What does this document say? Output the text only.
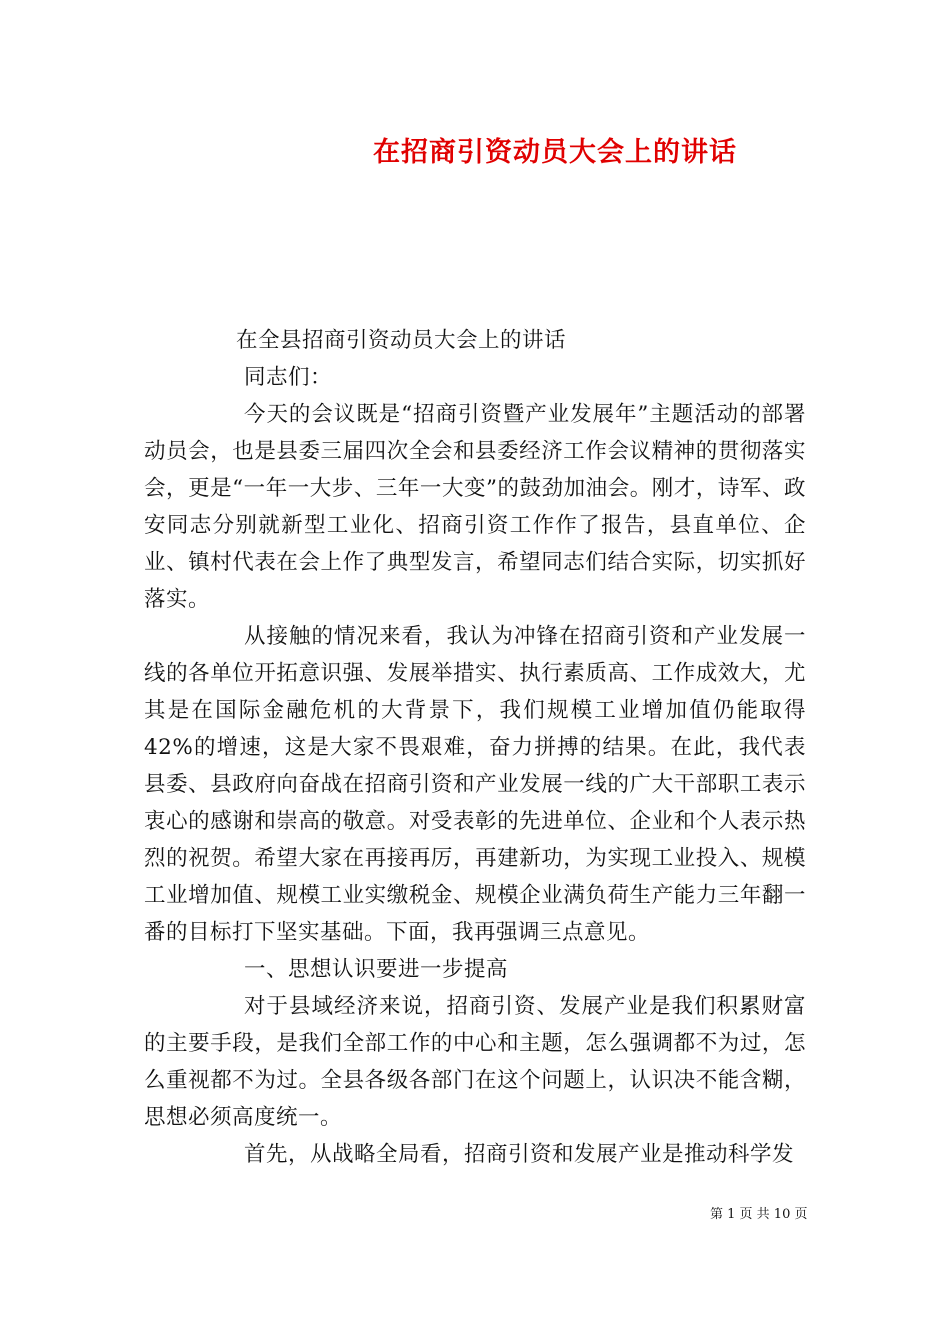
在招商引资动员大会上的讲话

在全县招商引资动员大会上的讲话

同志们：

今天的会议既是“招商引资暨产业发展年”主题活动的部署动员会，也是县委三届四次全会和县委经济工作会议精神的贯彻落实会，更是“一年一大步、三年一大变”的鼓劲加油会。刚才，诗军、政安同志分别就新型工业化、招商引资工作作了报告，县直单位、企业、镇村代表在会上作了典型发言，希望同志们结合实际，切实抓好落实。

从接触的情况来看，我认为冲锋在招商引资和产业发展一线的各单位开拓意识强、发展举措实、执行素质高、工作成效大，尤其是在国际金融危机的大背景下，我们规模工业增加值仍能取得42%的增速，这是大家不畏艰难，奋力拼搏的结果。在此，我代表县委、县政府向奋战在招商引资和产业发展一线的广大干部职工表示衷心的感谢和崇高的敬意。对受表彰的先进单位、企业和个人表示热烈的祝贺。希望大家在再接再厉，再建新功，为实现工业投入、规模工业增加值、规模工业实缴税金、规模企业满负荷生产能力三年翻一番的目标打下坚实基础。下面，我再强调三点意见。

一、思想认识要进一步提高

对于县域经济来说，招商引资、发展产业是我们积累财富的主要手段，是我们全部工作的中心和主题，怎么强调都不为过，怎么重视都不为过。全县各级各部门在这个问题上，认识决不能含糊，思想必须高度统一。

首先，从战略全局看，招商引资和发展产业是推动科学发

第 1 页 共 10 页
